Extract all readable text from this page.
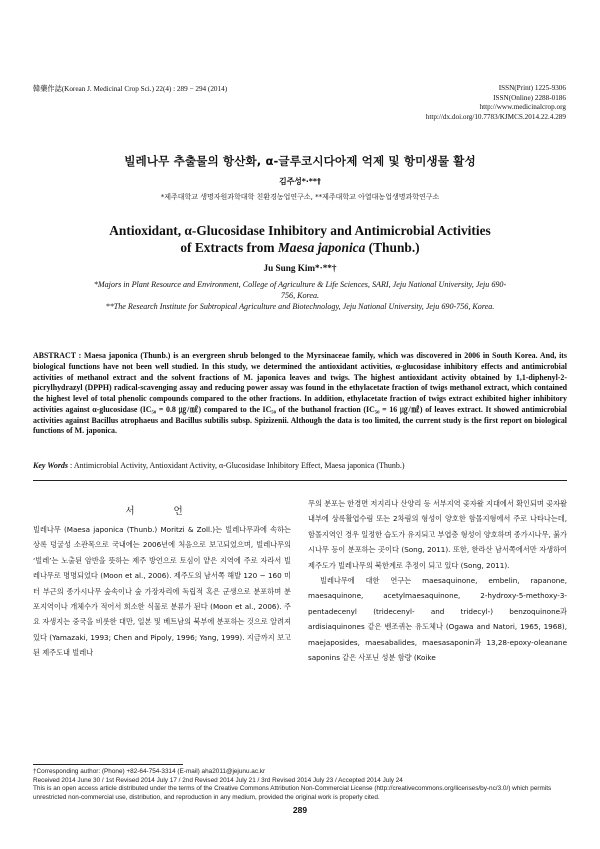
韓藥作誌(Korean J. Medicinal Crop Sci.) 22(4) : 289 − 294 (2014)	ISSN(Print) 1225-9306
ISSN(Online) 2288-0186
http://www.medicinalcrop.org
http://dx.doi.org/10.7783/KJMCS.2014.22.4.289
빌레나무 추출물의 항산화, α-글루코시다아제 억제 및 항미생물 활성
김주성*·**†
*제주대학교 생명자원과학대학 친환경농업연구소, **제주대학교 아열대농업생명과학연구소
Antioxidant, α-Glucosidase Inhibitory and Antimicrobial Activities
of Extracts from Maesa japonica (Thunb.)
Ju Sung Kim*·**†
*Majors in Plant Resource and Environment, College of Agriculture & Life Sciences, SARI, Jeju National University, Jeju 690-756, Korea.
**The Research Institute for Subtropical Agriculture and Biotechnology, Jeju National University, Jeju 690-756, Korea.
ABSTRACT : Maesa japonica (Thunb.) is an evergreen shrub belonged to the Myrsinaceae family, which was discovered in 2006 in South Korea. And, its biological functions have not been well studied. In this study, we determined the antioxidant activities, α-glucosidase inhibitory effects and antimicrobial activities of methanol extract and the solvent fractions of M. japonica leaves and twigs. The highest antioxidant activity obtained by 1,1-diphenyl-2-picrylhydrazyl (DPPH) radical-scavenging assay and reducing power assay was found in the ethylacetate fraction of twigs methanol extract, which contained the highest level of total phenolic compounds compared to the other fractions. In addition, ethylacetate fraction of twigs extract exhibited higher inhibitory activities against α-glucosidase (IC₅₀ = 0.8 ㎍/㎖) compared to the IC₅₀ of the buthanol fraction (IC₅₀ = 16 ㎍/㎖) of leaves extract. It showed antimicrobial activities against Bacillus atrophaeus and Bacillus subtilis subsp. Spizizenii. Although the data is too limited, the current study is the first report on biological functions of M. japonica.
Key Words : Antimicrobial Activity, Antioxidant Activity, α-Glucosidase Inhibitory Effect, Maesa japonica (Thunb.)
서 언
빌레나무 (Maesa japonica (Thunb.) Moritzi & Zoll.)는 빌레나무과에 속하는 상록 덩굴성 소관목으로 국내에는 2006년에 처음으로 보고되었으며, 빌레나무의 ‘빌레’는 노출된 암반을 뜻하는 제주 방언으로 토심이 얕은 지역에 주로 자라서 빌레나무로 명명되었다 (Moon et al., 2006). 제주도의 남서쪽 해발 120 − 160 미터 부근의 종가시나무 숲속이나 숲 가장자리에 독립적 혹은 군생으로 분포하며 분포지역이나 개체수가 적어서 희소한 식물로 분류가 된다 (Moon et al., 2006). 주요 자생지는 중국을 비롯한 대만, 일본 및 베트남의 북부에 분포하는 것으로 알려져 있다 (Yamazaki, 1993; Chen and Pipoly, 1996; Yang, 1999). 지금까지 보고된 제주도내 빌레나

무의 분포는 한경면 저지리나 산양리 등 서부지역 곶자왈 지대에서 확인되며 곶자왈 내부에 상록활엽수림 또는 2차림의 형성이 양호한 함몰지형에서 주로 나타나는데, 함몰지역인 경우 일정한 습도가 유지되고 부엽층 형성이 양호하며 종가시나무, 붉가시나무 등이 분포하는 곳이다 (Song, 2011). 또한, 한라산 남서쪽에서만 자생하여 제주도가 빌레나무의 북한계로 추정이 되고 있다 (Song, 2011).

빌레나무에 대한 연구는 maesaquinone, embelin, rapanone, maesaquinone, acetylmaesaquinone, 2-hydroxy-5-methoxy-3-pentadecenyl (tridecenyl- and tridecyl-) benzoquinone과 ardisiaquinones 같은 벤조퀴논 유도체나 (Ogawa and Natori, 1965, 1968), maejaposides, maesabalides, maesasaponin과 13,28-epoxy-oleanane saponins 같은 사포닌 성분 함량 (Koike

†Corresponding author: (Phone) +82-64-754-3314 (E-mail) aha2011@jejunu.ac.kr
Received 2014 June 30 / 1st Revised 2014 July 17 / 2nd Revised 2014 July 21 / 3rd Revised 2014 July 23 / Accepted 2014 July 24
This is an open access article distributed under the terms of the Creative Commons Attribution Non-Commercial License (http://creativecommons.org/licenses/by-nc/3.0/) which permits unrestricted non-commercial use, distribution, and reproduction in any medium, provided the original work is properly cited.
289
